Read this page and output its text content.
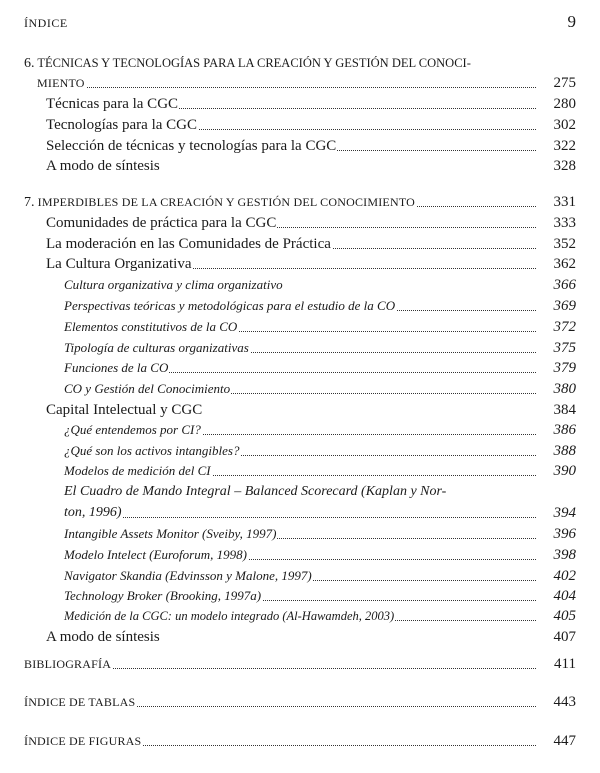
ÍNDICE	9
6. TÉCNICAS Y TECNOLOGÍAS PARA LA CREACIÓN Y GESTIÓN DEL CONOCI-
MIENTO	275
Técnicas para la CGC	280
Tecnologías para la CGC	302
Selección de técnicas y tecnologías para la CGC	322
A modo de síntesis	328
7. IMPERDIBLES DE LA CREACIÓN Y GESTIÓN DEL CONOCIMIENTO	331
Comunidades de práctica para la CGC	333
La moderación en las Comunidades de Práctica	352
La Cultura Organizativa	362
Cultura organizativa y clima organizativo	366
Perspectivas teóricas y metodológicas para el estudio de la CO	369
Elementos constitutivos de la CO	372
Tipología de culturas organizativas	375
Funciones de la CO	379
CO y Gestión del Conocimiento	380
Capital Intelectual y CGC	384
¿Qué entendemos por CI?	386
¿Qué son los activos intangibles?	388
Modelos de medición del CI	390
El Cuadro de Mando Integral – Balanced Scorecard (Kaplan y Nor-
ton, 1996)	394
Intangible Assets Monitor (Sveiby, 1997)	396
Modelo Intelect (Euroforum, 1998)	398
Navigator Skandia (Edvinsson y Malone, 1997)	402
Technology Broker (Brooking, 1997a)	404
Medición de la CGC: un modelo integrado (Al-Hawamdeh, 2003)	405
A modo de síntesis	407
BIBLIOGRAFÍA	411
ÍNDICE DE TABLAS	443
ÍNDICE DE FIGURAS	447
